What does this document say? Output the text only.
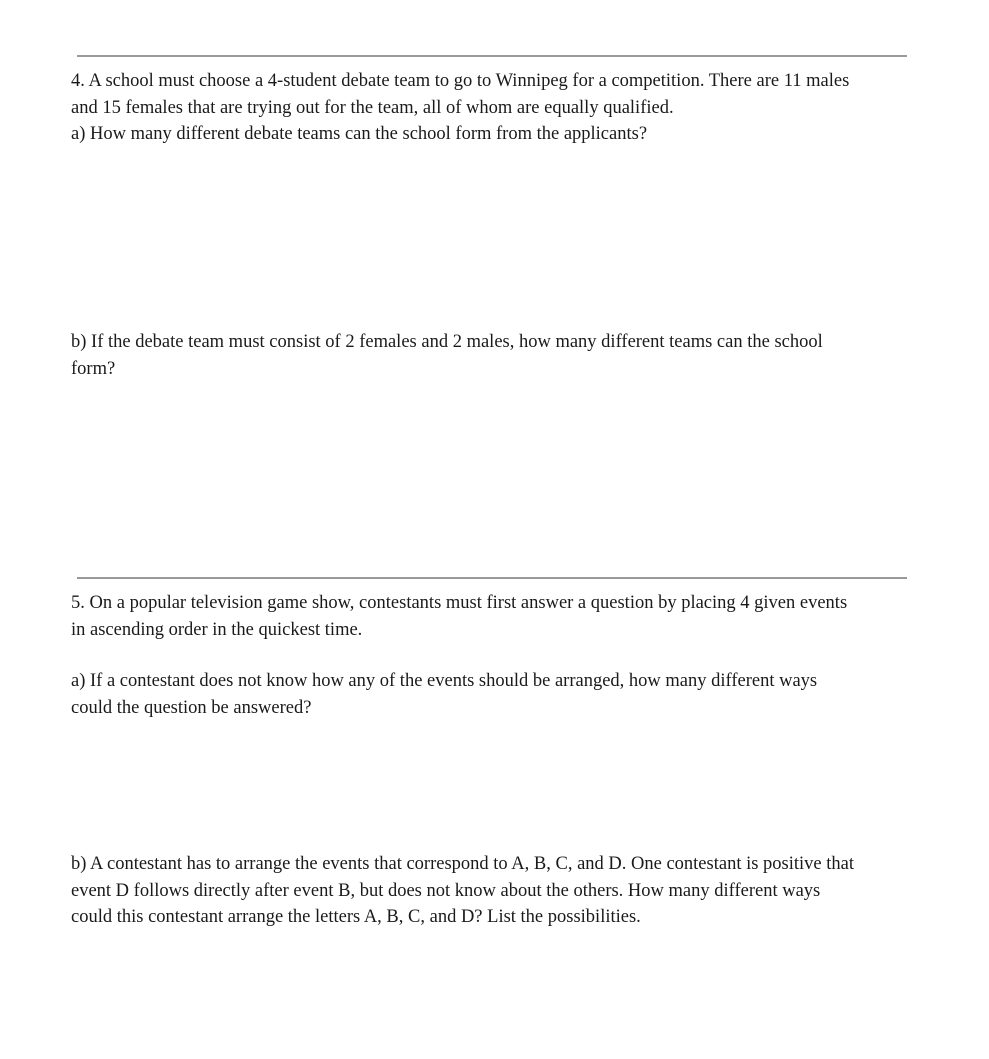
4. A school must choose a 4-student debate team to go to Winnipeg for a competition. There are 11 males
and 15 females that are trying out for the team, all of whom are equally qualified.

a) How many different debate teams can the school form from the applicants?

b) If the debate team must consist of 2 females and 2 males, how many different teams can the school
form?

5. On a popular television game show, contestants must first answer a question by placing 4 given events
in ascending order in the quickest time.

a) If a contestant does not know how any of the events should be arranged, how many different ways
could the question be answered?

b) A contestant has to arrange the events that correspond to A, B, C, and D. One contestant is positive that
event D follows directly after event B, but does not know about the others. How many different ways
could this contestant arrange the letters A, B, C, and D? List the possibilities.
